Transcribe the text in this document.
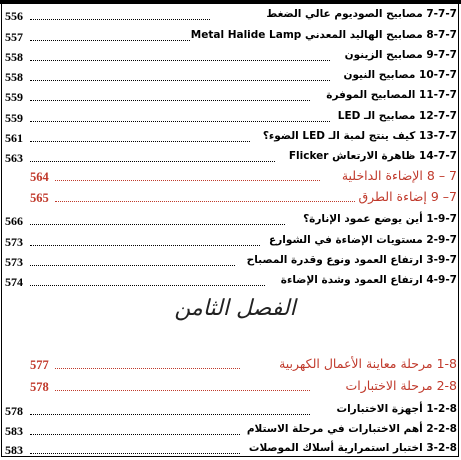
556	7-7-7 مصابيح الصوديوم عالي الضغط
557	8-7-7 مصابيح الهاليد المعدني Metal Halide Lamp
558	9-7-7 مصابيح الزينون
558	10-7-7 مصابيح النيون
559	11-7-7 المصابيح الموفرة
559	12-7-7 مصابيح الـ LED
561	13-7-7 كيف ينتج لمبة الـ LED الضوء؟
563	14-7-7 ظاهرة الارتعاش Flicker
564	7 – 8 الإضاءة الداخلية
565	7– 9 إضاءة الطرق
566	1-9-7 أين يوضع عمود الإنارة؟
573	2-9-7 مستويات الإضاءة في الشوارع
573	3-9-7 ارتفاع العمود ونوع وقدرة المصباح
574	4-9-7 ارتفاع العمود وشدة الإضاءة
الفصل الثامن
577	1-8 مرحلة معاينة الأعمال الكهربية
578	2-8 مرحلة الاختبارات
578	1-2-8 أجهزة الاختبارات
583	2-2-8 أهم الاختبارات في مرحلة الاستلام
583	3-2-8 اختبار استمرارية أسلاك الموصلات
